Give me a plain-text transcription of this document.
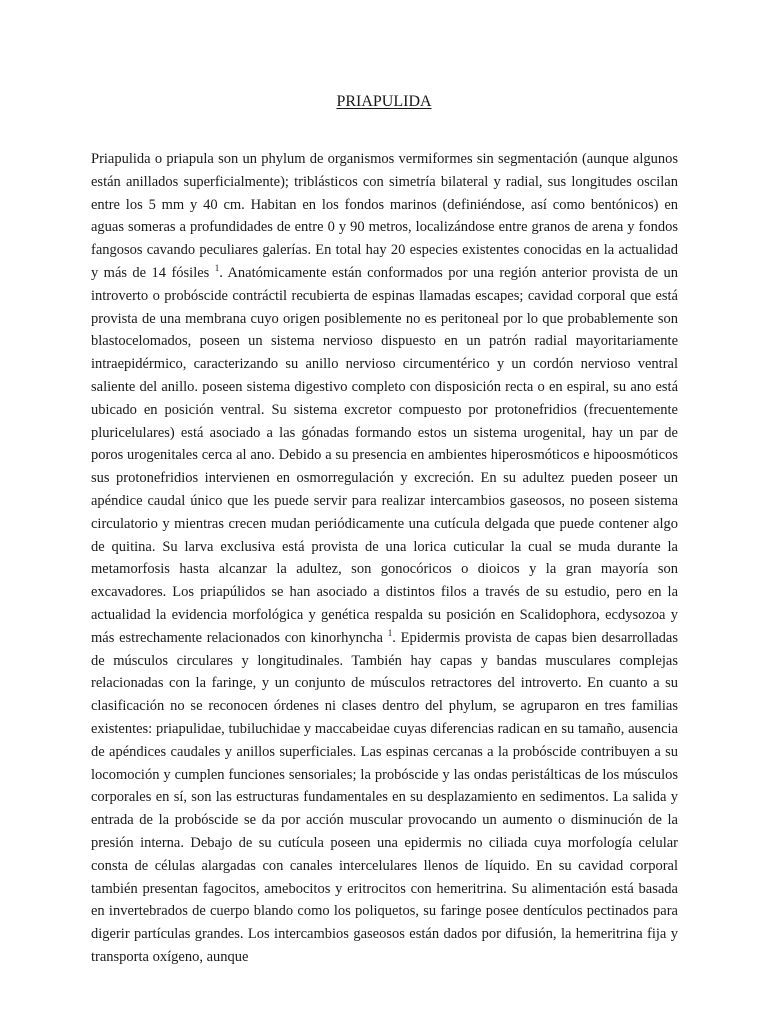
PRIAPULIDA

Priapulida o priapula son un phylum de organismos vermiformes sin segmentación (aunque algunos están anillados superficialmente); triblásticos con simetría bilateral y radial, sus longitudes oscilan entre los 5 mm y 40 cm. Habitan en los fondos marinos (definiéndose, así como bentónicos) en aguas someras a profundidades de entre 0 y 90 metros, localizándose entre granos de arena y fondos fangosos cavando peculiares galerías. En total hay 20 especies existentes conocidas en la actualidad y más de 14 fósiles $^1$. Anatómicamente están conformados por una región anterior provista de un introverto o probóscide contráctil recubierta de espinas llamadas escapes; cavidad corporal que está provista de una membrana cuyo origen posiblemente no es peritoneal por lo que probablemente son blastocelomados, poseen un sistema nervioso dispuesto en un patrón radial mayoritariamente intraepidérmico, caracterizando su anillo nervioso circumentérico y un cordón nervioso ventral saliente del anillo. poseen sistema digestivo completo con disposición recta o en espiral, su ano está ubicado en posición ventral. Su sistema excretor compuesto por protonefridios (frecuentemente pluricelulares) está asociado a las gónadas formando estos un sistema urogenital, hay un par de poros urogenitales cerca al ano. Debido a su presencia en ambientes hiperosmóticos e hipoosmóticos sus protonefridios intervienen en osmorregulación y excreción. En su adultez pueden poseer un apéndice caudal único que les puede servir para realizar intercambios gaseosos, no poseen sistema circulatorio y mientras crecen mudan periódicamente una cutícula delgada que puede contener algo de quitina. Su larva exclusiva está provista de una lorica cuticular la cual se muda durante la metamorfosis hasta alcanzar la adultez, son gonocóricos o dioicos y la gran mayoría son excavadores. Los priapúlidos se han asociado a distintos filos a través de su estudio, pero en la actualidad la evidencia morfológica y genética respalda su posición en Scalidophora, ecdysozoa y más estrechamente relacionados con kinorhyncha $^1$. Epidermis provista de capas bien desarrolladas de músculos circulares y longitudinales. También hay capas y bandas musculares complejas relacionadas con la faringe, y un conjunto de músculos retractores del introverto. En cuanto a su clasificación no se reconocen órdenes ni clases dentro del phylum, se agruparon en tres familias existentes: priapulidae, tubiluchidae y maccabeidae cuyas diferencias radican en su tamaño, ausencia de apéndices caudales y anillos superficiales. Las espinas cercanas a la probóscide contribuyen a su locomoción y cumplen funciones sensoriales; la probóscide y las ondas peristálticas de los músculos corporales en sí, son las estructuras fundamentales en su desplazamiento en sedimentos. La salida y entrada de la probóscide se da por acción muscular provocando un aumento o disminución de la presión interna. Debajo de su cutícula poseen una epidermis no ciliada cuya morfología celular consta de células alargadas con canales intercelulares llenos de líquido. En su cavidad corporal también presentan fagocitos, amebocitos y eritrocitos con hemeritrina. Su alimentación está basada en invertebrados de cuerpo blando como los poliquetos, su faringe posee dentículos pectinados para digerir partículas grandes. Los intercambios gaseosos están dados por difusión, la hemeritrina fija y transporta oxígeno, aunque
